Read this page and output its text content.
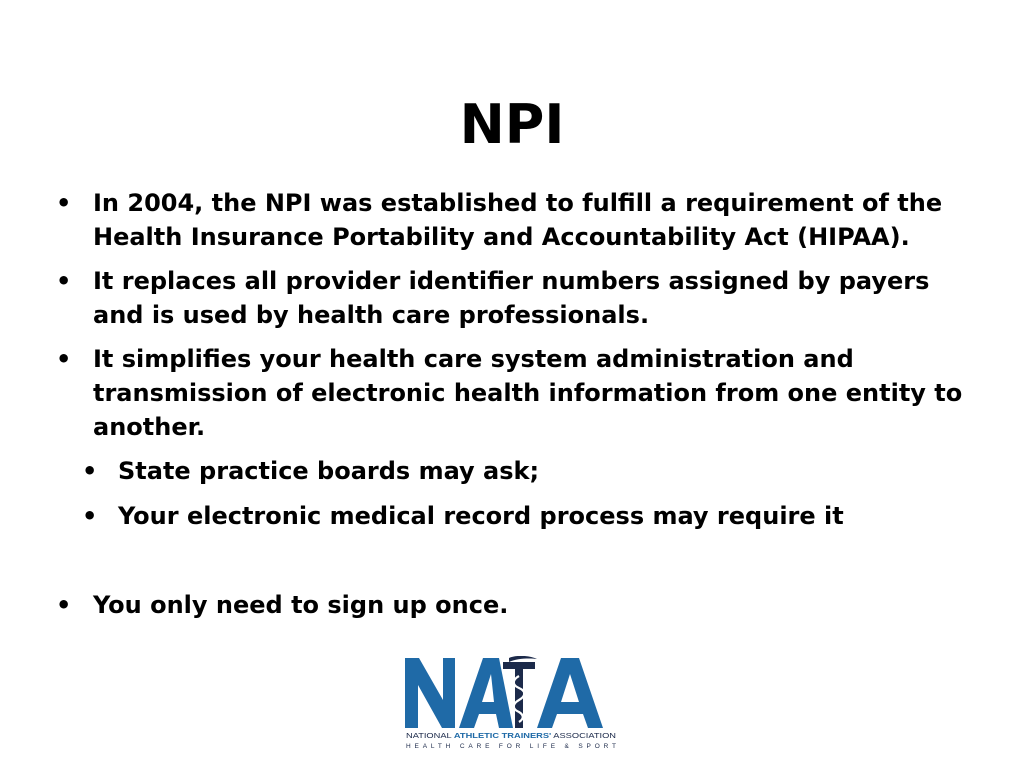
NPI
• In 2004, the NPI was established to fulfill a requirement of the Health Insurance Portability and Accountability Act (HIPAA).
• It replaces all provider identifier numbers assigned by payers and is used by health care professionals.
• It simplifies your health care system administration and transmission of electronic health information from one entity to another.
• State practice boards may ask;
• Your electronic medical record process may require it
• You only need to sign up once.
NATIONAL ATHLETIC TRAINERS'	ASSOCIATION
HEALTH CARE FOR LIFE & SPORT
